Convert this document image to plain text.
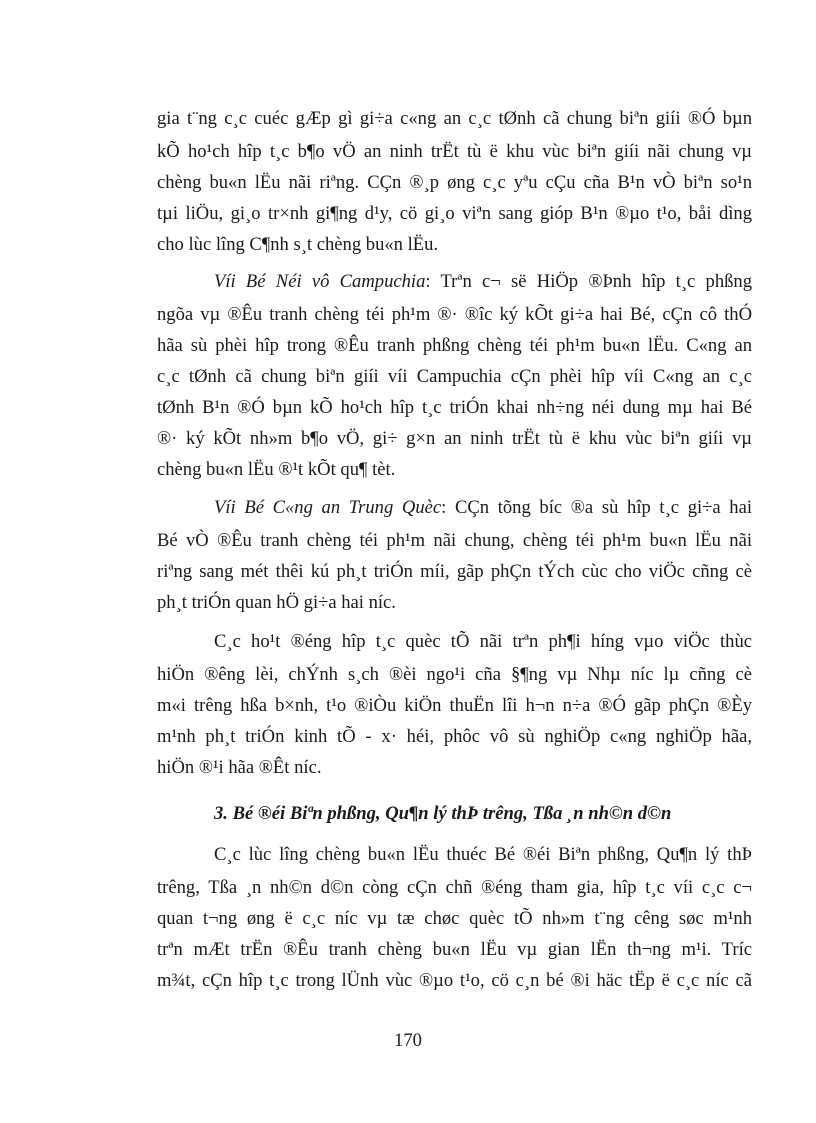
gia t¨ng c¸c cuéc gÆp gì gi÷a c«ng an c¸c tØnh cã chung biªn giíi ®Ó bµn
kÕ ho¹ch hîp t¸c b¶o vÖ an ninh trËt tù ë khu vùc biªn giíi nãi chung vµ
chèng bu«n lËu nãi riªng. CÇn ®¸p øng c¸c yªu cÇu cña B¹n vÒ biªn so¹n
tµi liÖu, gi¸o tr×nh gi¶ng d¹y, cö gi¸o viªn sang gióp B¹n ®µo t¹o, båi dìng
cho lùc lîng C¶nh s¸t chèng bu«n lËu.
Víi Bé Néi vô Campuchia: Trªn c¬ së HiÖp ®Þnh hîp t¸c phßng
ngõa vµ ®Êu tranh chèng téi ph¹m ®· ®îc ký kÕt gi÷a hai Bé, cÇn cô thÓ
hãa sù phèi hîp trong ®Êu tranh phßng chèng téi ph¹m bu«n lËu. C«ng an
c¸c tØnh cã chung biªn giíi víi Campuchia cÇn phèi hîp víi C«ng an c¸c
tØnh B¹n ®Ó bµn kÕ ho¹ch hîp t¸c triÓn khai nh÷ng néi dung mµ hai Bé
®· ký kÕt nh»m b¶o vÖ, gi÷ g×n an ninh trËt tù ë khu vùc biªn giíi vµ
chèng bu«n lËu ®¹t kÕt qu¶ tèt.
Víi Bé C«ng an Trung Quèc: CÇn tõng bíc ®a sù hîp t¸c gi÷a hai
Bé vÒ ®Êu tranh chèng téi ph¹m nãi chung, chèng téi ph¹m bu«n lËu nãi
riªng sang mét thêi kú ph¸t triÓn míi, gãp phÇn tÝch cùc cho viÖc cñng cè
ph¸t triÓn quan hÖ gi÷a hai níc.
C¸c ho¹t ®éng hîp t¸c quèc tÕ nãi trªn ph¶i híng vµo viÖc thùc
hiÖn ®êng lèi, chÝnh s¸ch ®èi ngo¹i cña §¶ng vµ Nhµ níc lµ cñng cè
m«i trêng hßa b×nh, t¹o ®iÒu kiÖn thuËn lîi h¬n n÷a ®Ó gãp phÇn ®Èy
m¹nh ph¸t triÓn kinh tÕ - x· héi, phôc vô sù nghiÖp c«ng nghiÖp hãa,
hiÖn ®¹i hãa ®Êt níc.
3. Bé ®éi Biªn phßng, Qu¶n lý thÞ trêng, Tßa ¸n nh©n d©n
C¸c lùc lîng chèng bu«n lËu thuéc Bé ®éi Biªn phßng, Qu¶n lý thÞ
trêng, Tßa ¸n nh©n d©n còng cÇn chñ ®éng tham gia, hîp t¸c víi c¸c c¬
quan t¬ng øng ë c¸c níc vµ tæ chøc quèc tÕ nh»m t¨ng cêng søc m¹nh
trªn mÆt trËn ®Êu tranh chèng bu«n lËu vµ gian lËn th¬ng m¹i. Tríc
m¾t, cÇn hîp t¸c trong lÜnh vùc ®µo t¹o, cö c¸n bé ®i häc tËp ë c¸c níc cã
170
